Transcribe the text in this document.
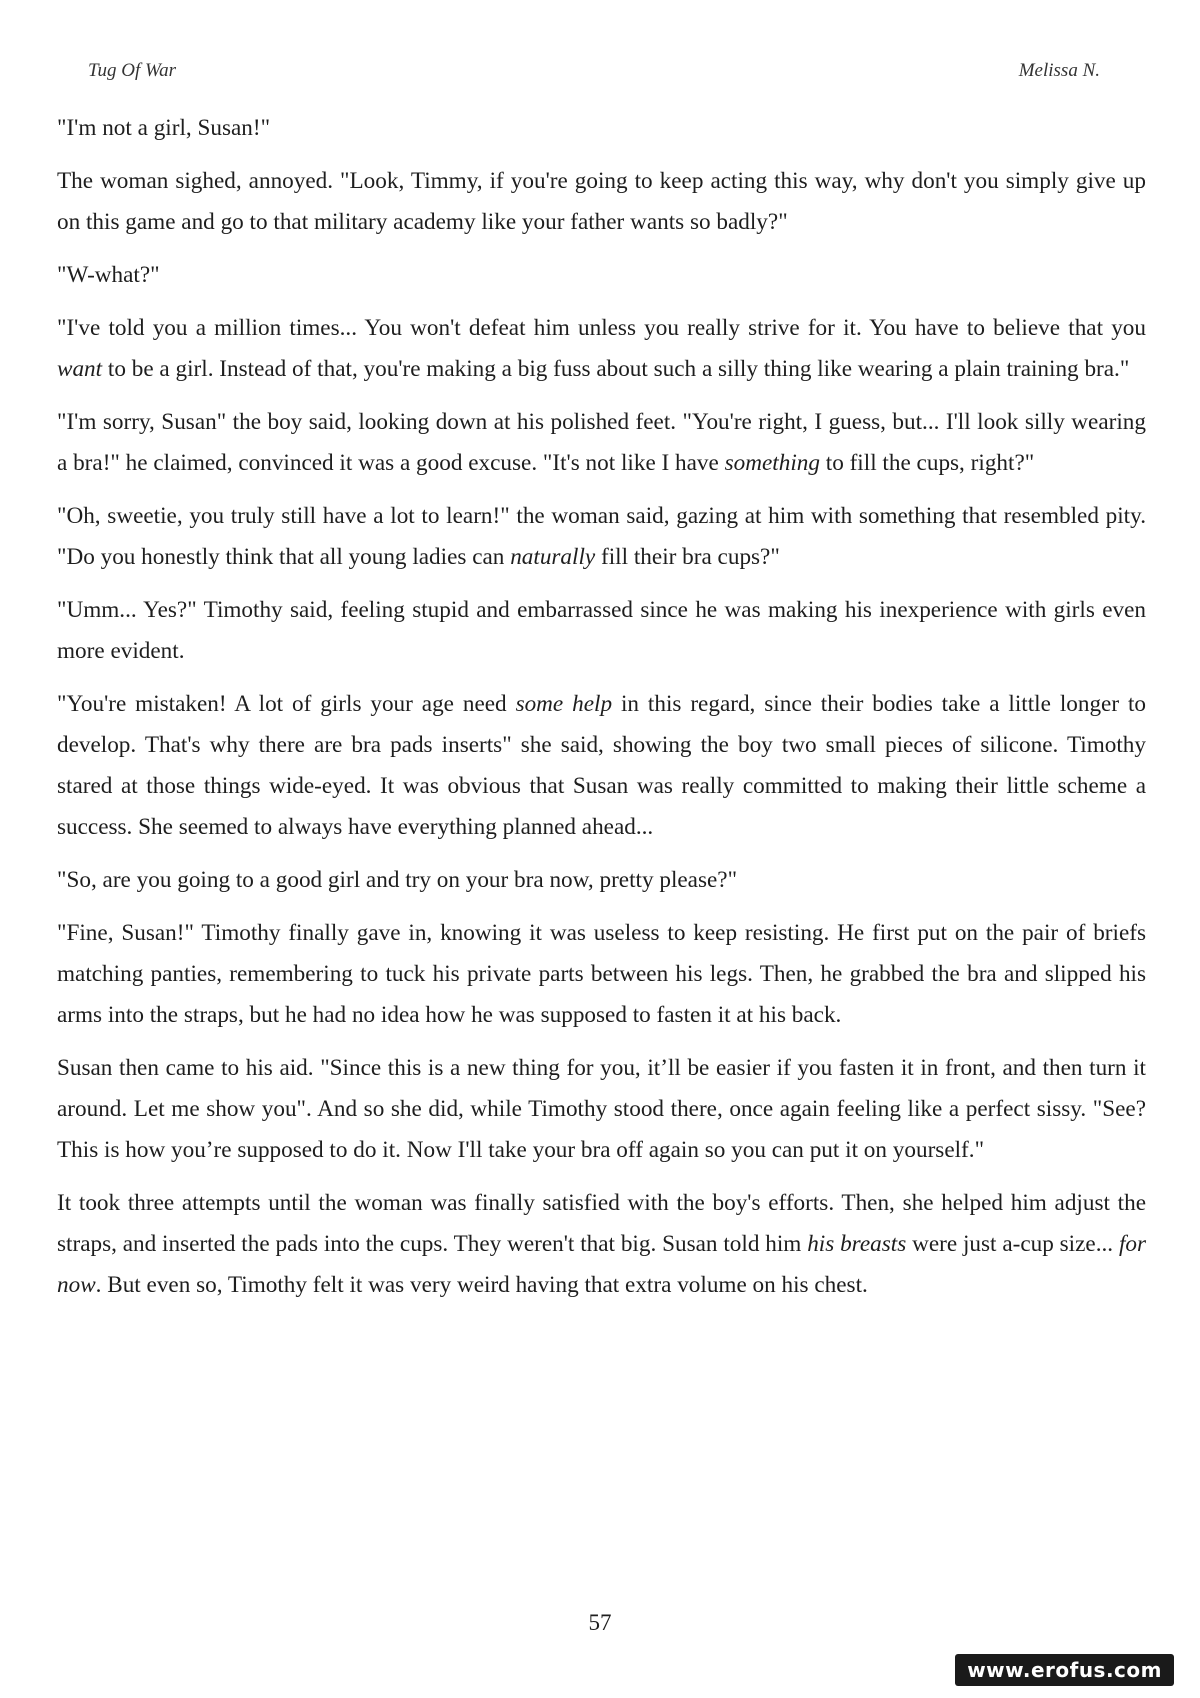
Tug Of War	Melissa N.

"I'm not a girl, Susan!"

The woman sighed, annoyed. "Look, Timmy, if you're going to keep acting this way, why don't you simply give up on this game and go to that military academy like your father wants so badly?"

"W-what?"

"I've told you a million times... You won't defeat him unless you really strive for it. You have to believe that you want to be a girl. Instead of that, you're making a big fuss about such a silly thing like wearing a plain training bra."

"I'm sorry, Susan" the boy said, looking down at his polished feet. "You're right, I guess, but... I'll look silly wearing a bra!" he claimed, convinced it was a good excuse. "It's not like I have something to fill the cups, right?"

"Oh, sweetie, you truly still have a lot to learn!" the woman said, gazing at him with something that resembled pity. "Do you honestly think that all young ladies can naturally fill their bra cups?"

"Umm... Yes?" Timothy said, feeling stupid and embarrassed since he was making his inexperience with girls even more evident.

"You're mistaken! A lot of girls your age need some help in this regard, since their bodies take a little longer to develop. That's why there are bra pads inserts" she said, showing the boy two small pieces of silicone. Timothy stared at those things wide-eyed. It was obvious that Susan was really committed to making their little scheme a success. She seemed to always have everything planned ahead...

"So, are you going to a good girl and try on your bra now, pretty please?"

"Fine, Susan!" Timothy finally gave in, knowing it was useless to keep resisting. He first put on the pair of briefs matching panties, remembering to tuck his private parts between his legs. Then, he grabbed the bra and slipped his arms into the straps, but he had no idea how he was supposed to fasten it at his back.

Susan then came to his aid. "Since this is a new thing for you, it’ll be easier if you fasten it in front, and then turn it around. Let me show you". And so she did, while Timothy stood there, once again feeling like a perfect sissy. "See? This is how you’re supposed to do it. Now I'll take your bra off again so you can put it on yourself."

It took three attempts until the woman was finally satisfied with the boy's efforts. Then, she helped him adjust the straps, and inserted the pads into the cups. They weren't that big. Susan told him his breasts were just a-cup size... for now. But even so, Timothy felt it was very weird having that extra volume on his chest.

57
www.erofus.com
